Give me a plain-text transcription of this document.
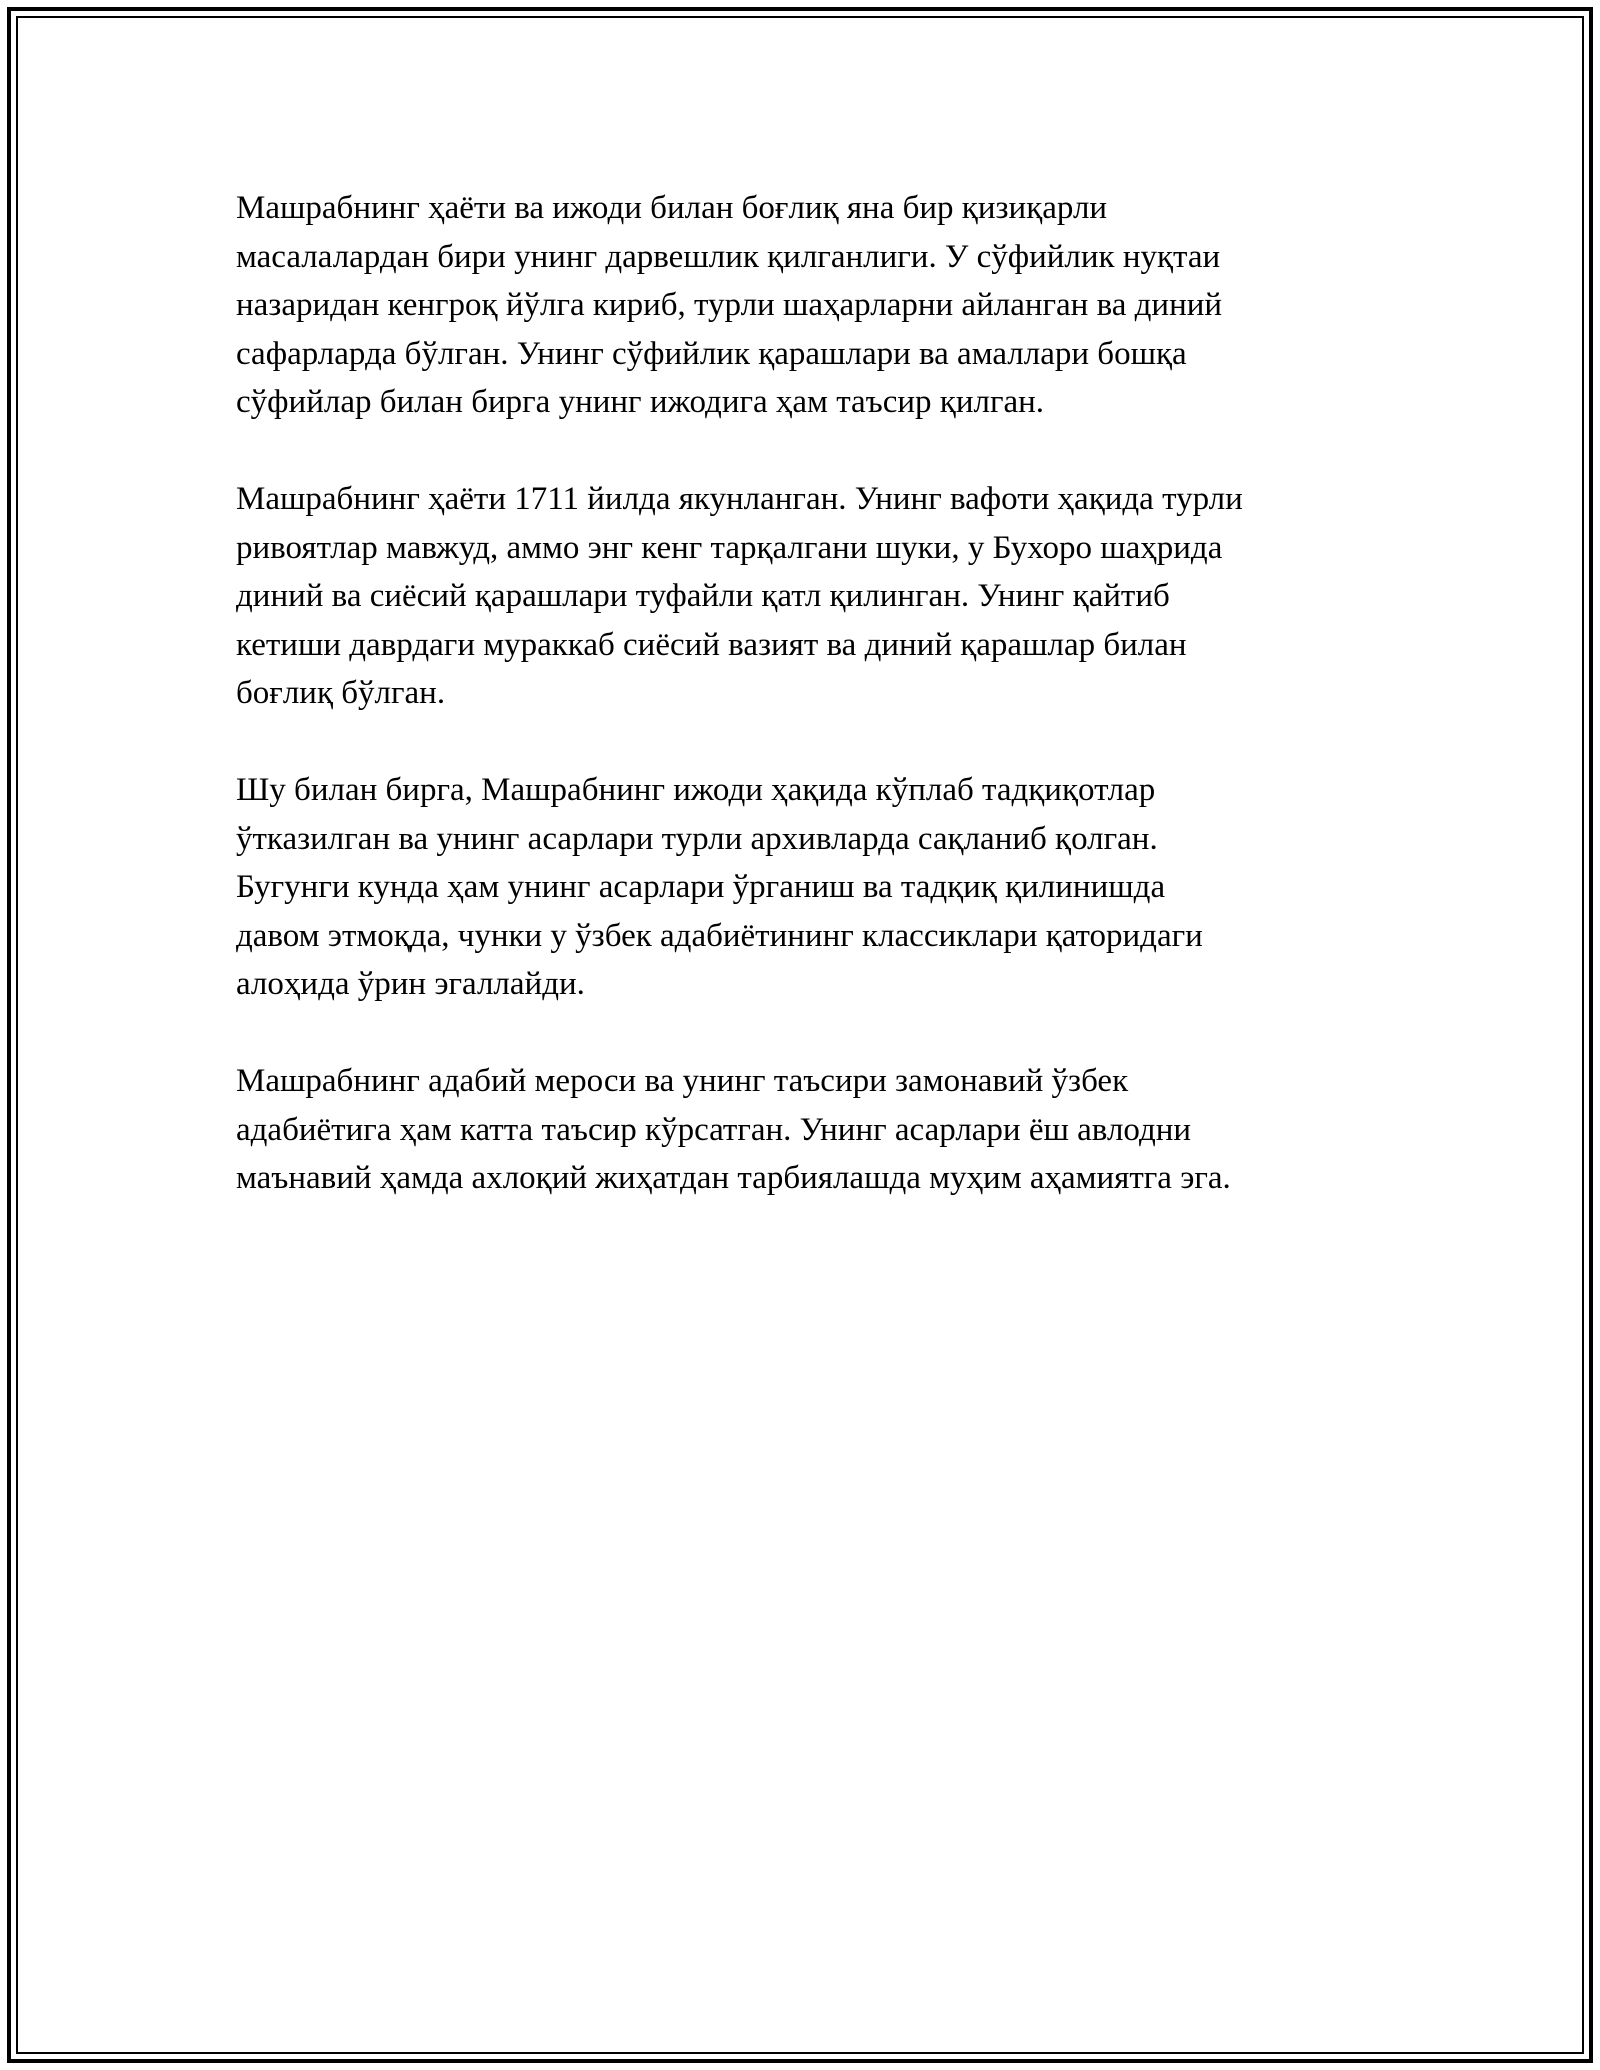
Машрабнинг ҳаёти ва ижоди билан боғлиқ яна бир қизиқарли
масалалардан бири унинг дарвешлик қилганлиги. У сўфийлик нуқтаи
назаридан кенгроқ йўлга кириб, турли шаҳарларни айланган ва диний
сафарларда бўлган. Унинг сўфийлик қарашлари ва амаллари бошқа
сўфийлар билан бирга унинг ижодига ҳам таъсир қилган.

Машрабнинг ҳаёти 1711 йилда якунланган. Унинг вафоти ҳақида турли
ривоятлар мавжуд, аммо энг кенг тарқалгани шуки, у Бухоро шаҳрида
диний ва сиёсий қарашлари туфайли қатл қилинган. Унинг қайтиб
кетиши даврдаги мураккаб сиёсий вазият ва диний қарашлар билан
боғлиқ бўлган.

Шу билан бирга, Машрабнинг ижоди ҳақида кўплаб тадқиқотлар
ўтказилган ва унинг асарлари турли архивларда сақланиб қолган.
Бугунги кунда ҳам унинг асарлари ўрганиш ва тадқиқ қилинишда
давом этмоқда, чунки у ўзбек адабиётининг классиклари қаторидаги
алоҳида ўрин эгаллайди.

Машрабнинг адабий мероси ва унинг таъсири замонавий ўзбек
адабиётига ҳам катта таъсир кўрсатган. Унинг асарлари ёш авлодни
маънавий ҳамда ахлоқий жиҳатдан тарбиялашда муҳим аҳамиятга эга.
